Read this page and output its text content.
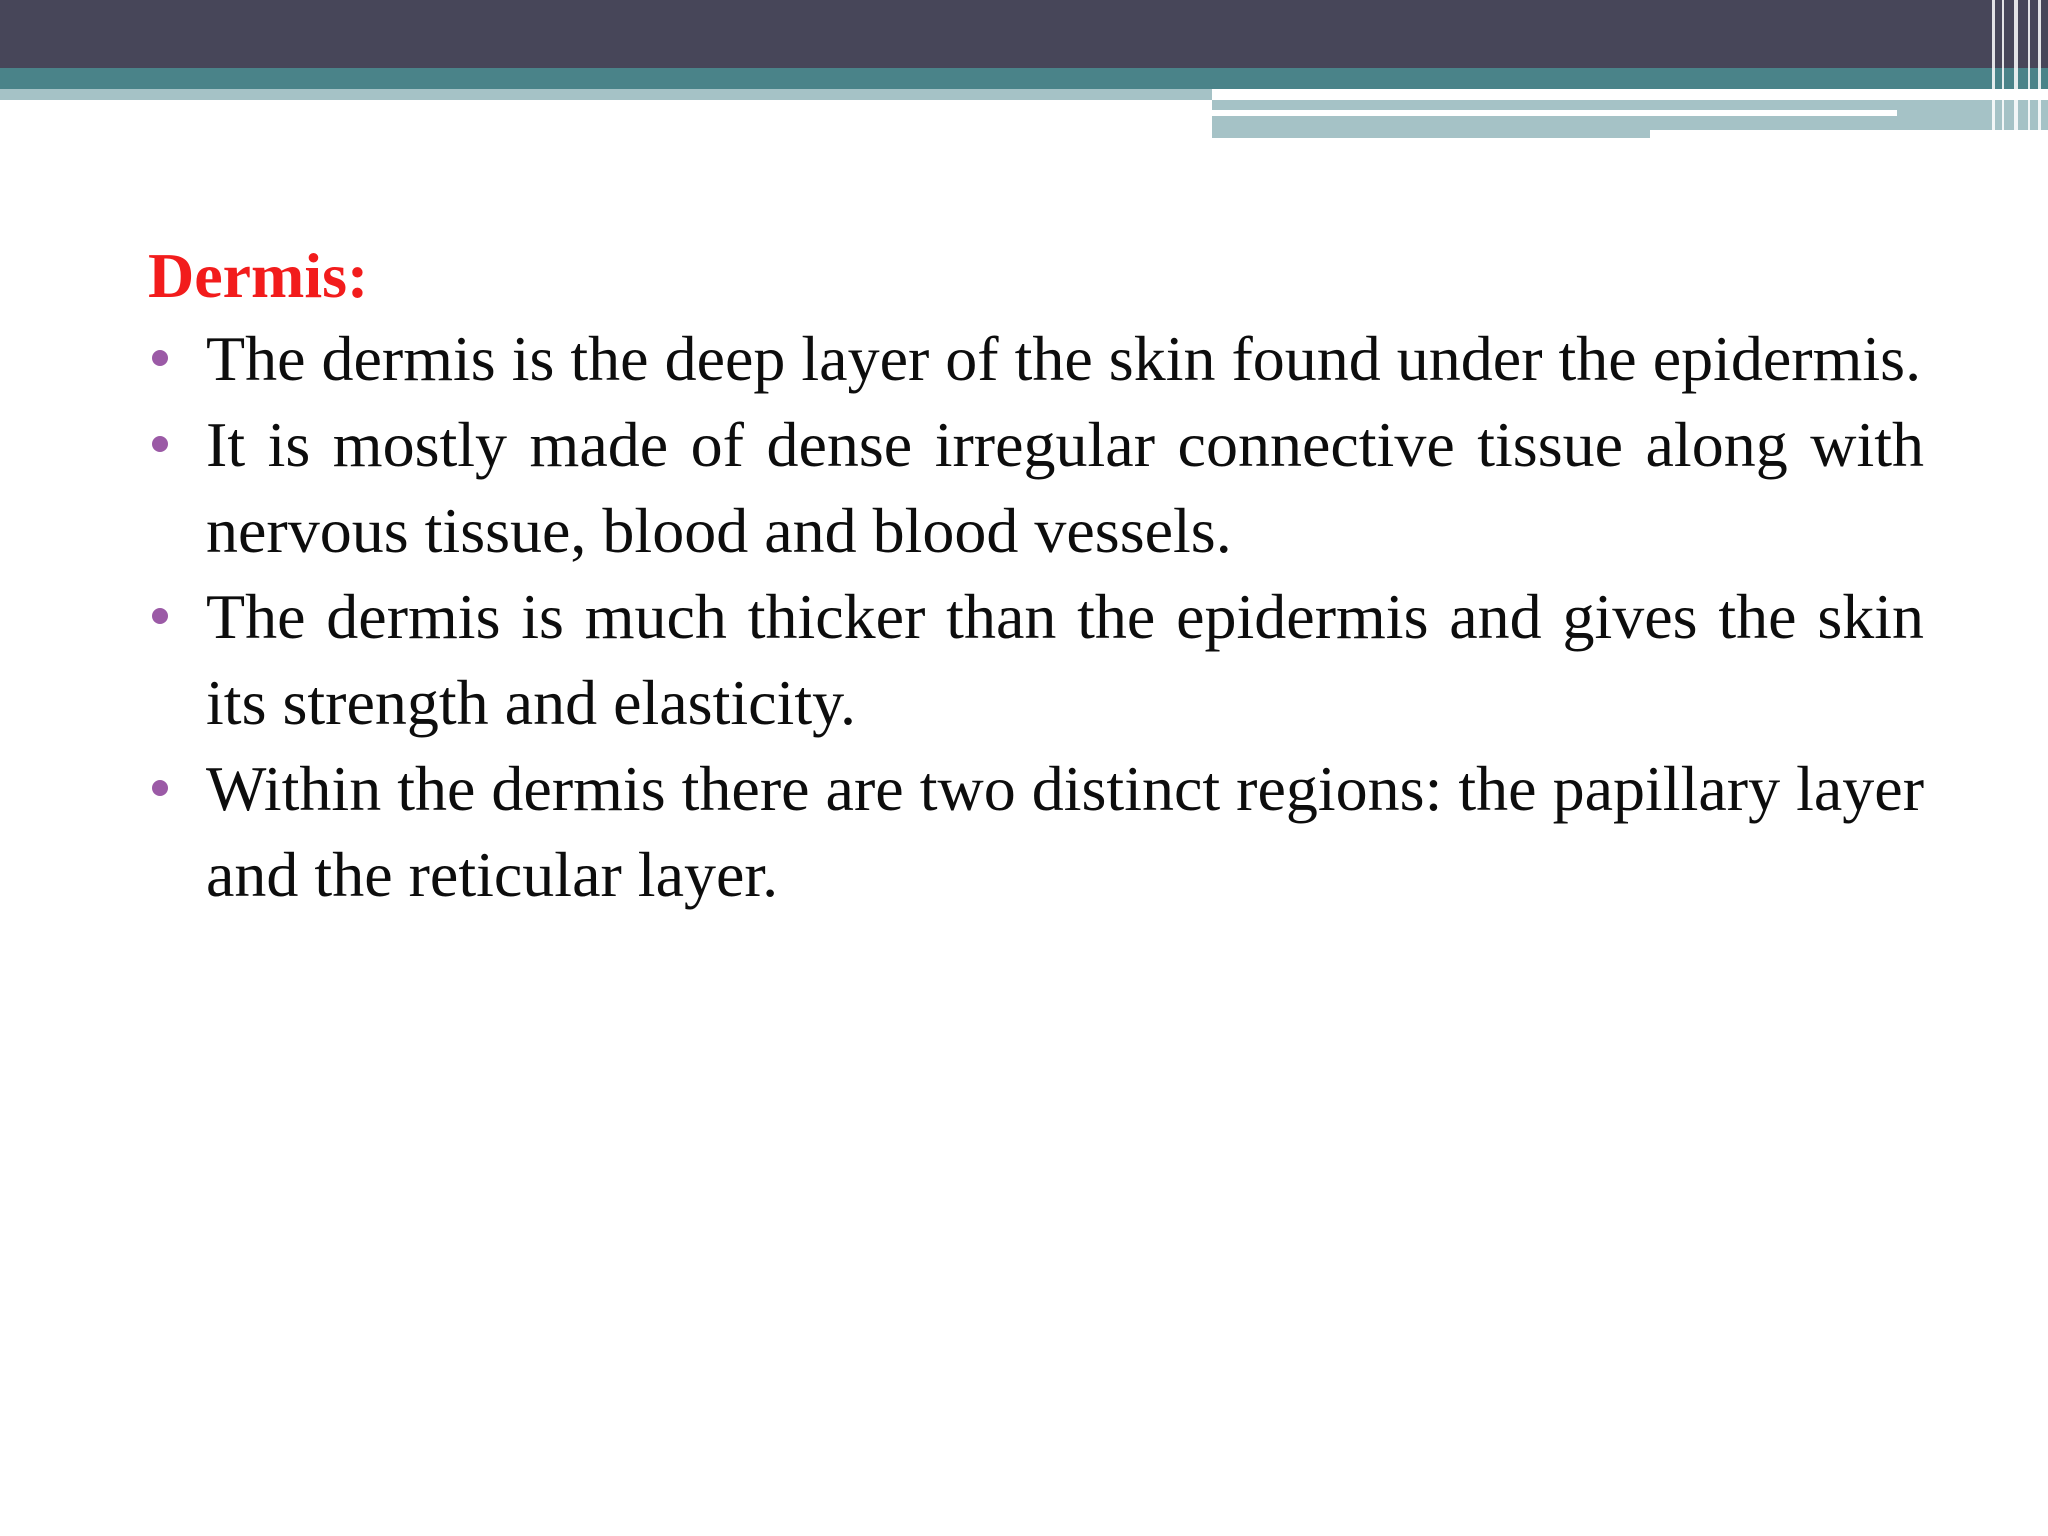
Dermis:
The dermis is the deep layer of the skin found under the epidermis.
It is mostly made of dense irregular connective tissue along with nervous tissue, blood and blood vessels.
The dermis is much thicker than the epidermis and gives the skin its strength and elasticity.
Within the dermis there are two distinct regions: the papillary layer and the reticular layer.
